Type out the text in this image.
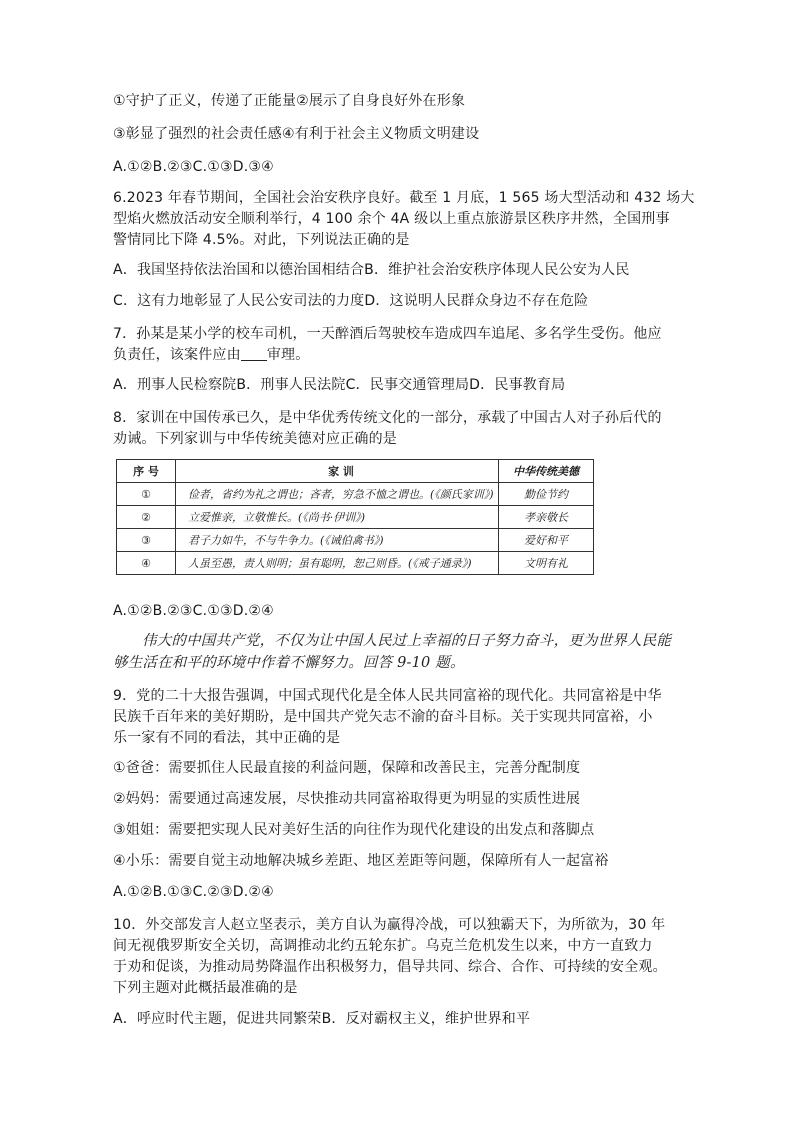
①守护了正义，传递了正能量②展示了自身良好外在形象
③彰显了强烈的社会责任感④有利于社会主义物质文明建设
A.①②B.②③C.①③D.③④
6.2023 年春节期间，全国社会治安秩序良好。截至 1 月底，1 565 场大型活动和 432 场大
型焰火燃放活动安全顺利举行，4 100 余个 4A 级以上重点旅游景区秩序井然，全国刑事
警情同比下降 4.5%。对此，下列说法正确的是
A．我国坚持依法治国和以德治国相结合B．维护社会治安秩序体现人民公安为人民
C．这有力地彰显了人民公安司法的力度D．这说明人民群众身边不存在危险
7．孙某是某小学的校车司机，一天醉酒后驾驶校车造成四车追尾、多名学生受伤。他应
负责任，该案件应由 审理。
A．刑事人民检察院B．刑事人民法院C．民事交通管理局D．民事教育局
8．家训在中国传承已久，是中华优秀传统文化的一部分，承载了中国古人对子孙后代的
劝诫。下列家训与中华传统美德对应正确的是
序 号	家 训	中华传统美德
①	俭者，省约为礼之谓也；吝者，穷急不恤之谓也。(《颜氏家训》)	勤俭节约
②	立爱惟亲，立敬惟长。(《尚书·伊训》)	孝亲敬长
③	君子力如牛，不与牛争力。(《诫伯禽书》)	爱好和平
④	人虽至愚，责人则明；虽有聪明，恕己则昏。(《戒子通录》)	文明有礼
A.①②B.②③C.①③D.②④
伟大的中国共产党，不仅为让中国人民过上幸福的日子努力奋斗，更为世界人民能
够生活在和平的环境中作着不懈努力。回答 9-10 题。
9．党的二十大报告强调，中国式现代化是全体人民共同富裕的现代化。共同富裕是中华
民族千百年来的美好期盼，是中国共产党矢志不渝的奋斗目标。关于实现共同富裕，小
乐一家有不同的看法，其中正确的是
①爸爸：需要抓住人民最直接的利益问题，保障和改善民主，完善分配制度
②妈妈：需要通过高速发展，尽快推动共同富裕取得更为明显的实质性进展
③姐姐：需要把实现人民对美好生活的向往作为现代化建设的出发点和落脚点
④小乐：需要自觉主动地解决城乡差距、地区差距等问题，保障所有人一起富裕
A.①②B.①③C.②③D.②④
10．外交部发言人赵立坚表示，美方自认为赢得冷战，可以独霸天下，为所欲为，30 年
间无视俄罗斯安全关切，高调推动北约五轮东扩。乌克兰危机发生以来，中方一直致力
于劝和促谈，为推动局势降温作出积极努力，倡导共同、综合、合作、可持续的安全观。
下列主题对此概括最准确的是
A．呼应时代主题，促进共同繁荣B．反对霸权主义，维护世界和平
